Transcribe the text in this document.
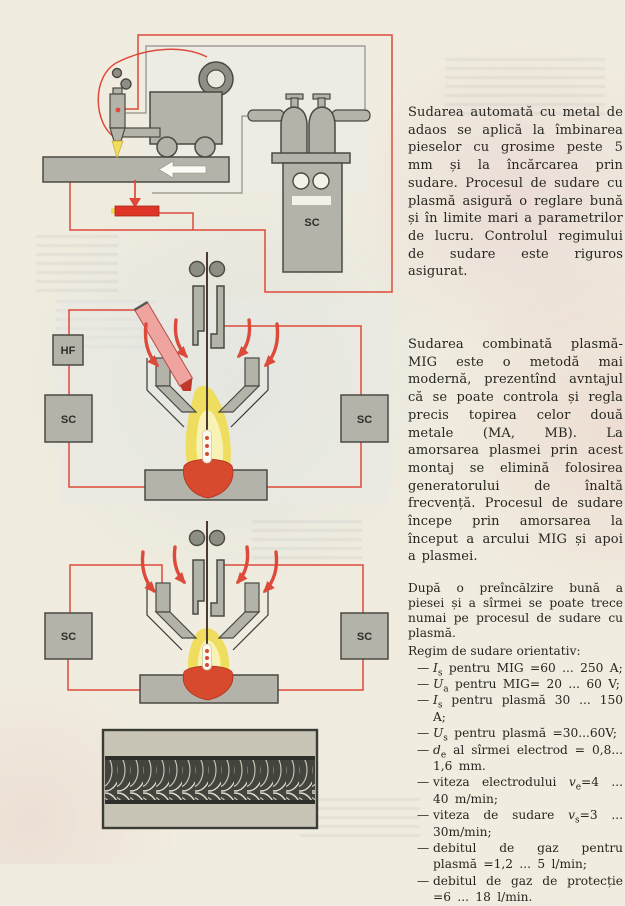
SC
HF
SC	SC
SC	SC
Sudarea automată cu metal de adaos se aplică la îmbinarea pieselor cu grosime peste 5 mm și la încărcarea prin sudare. Procesul de sudare cu plasmă asigură o reglare bună și în limite mari a parametrilor de lucru. Controlul regimului de sudare este riguros asigurat.
Sudarea combinată plasmă-MIG este o metodă mai modernă, prezentînd avntajul că se poate controla și regla precis topirea celor două metale (MA, MB). La amorsarea plasmei prin acest montaj se elimină folosirea generatorului de înaltă frecvență. Procesul de sudare începe prin amorsarea la început a arcului MIG și apoi a plasmei.
După o preîncălzire bună a piesei și a sîrmei se poate trece numai pe procesul de sudare cu plasmă.
Regim de sudare orientativ:
— $I_s$ pentru MIG =60 ... 250 A;
— $U_a$ pentru MIG= 20 ... 60 V;
— $I_s$ pentru plasmă 30 ... 150 A;
— $U_s$ pentru plasmă =30...60V;
— $d_e$ al sîrmei electrod = 0,8... 1,6 mm.
— viteza electrodului $v_e=4$ ... 40 m/min;
— viteza de sudare $v_s=3$ ... 30m/min;
— debitul de gaz pentru plasmă =1,2 ... 5 l/min;
— debitul de gaz de protecție =6 ... 18 l/min.
